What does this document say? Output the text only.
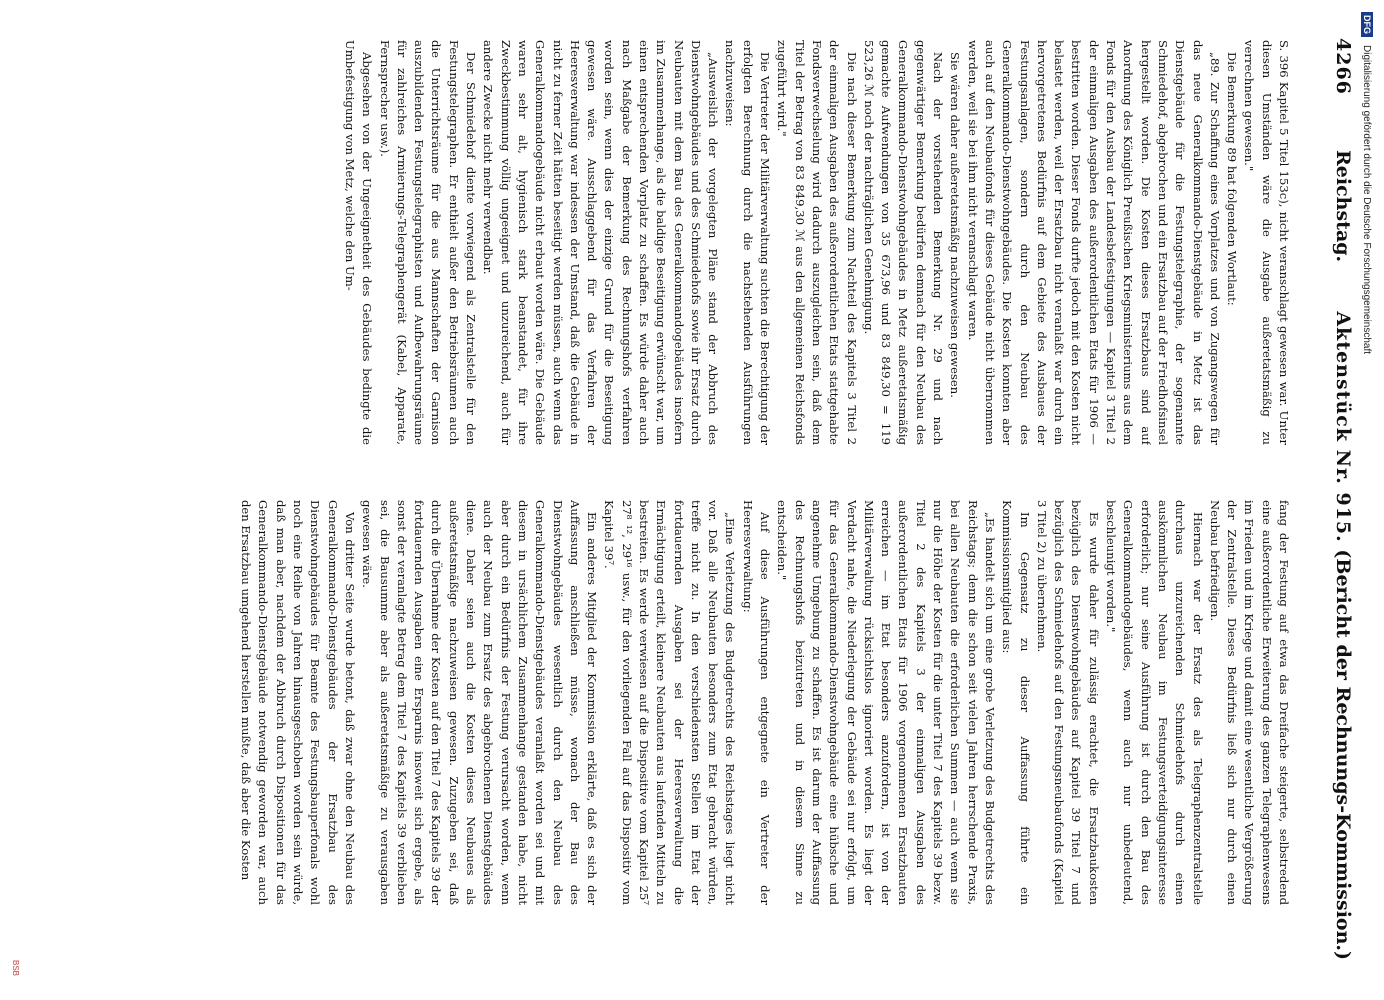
4266
Reichstag.
Aktenstück Nr. 915. (Bericht der Rechnungs-Kommission.)

S. 396 Kapitel 5 Titel 153c), nicht veranschlagt gewesen war. Unter diesen Umständen wäre die Ausgabe außeretatsmäßig zu verrechnen gewesen."

Die Bemerkung 89 hat folgenden Wortlaut:

„89. Zur Schaffung eines Vorplatzes und von Zugangswegen für das neue Generalkommando-Dienstgebäude in Metz ist das Dienstgebäude für die Festungstelegraphie, der sogenannte Schmiedehof, abgebrochen und ein Ersatzbau auf der Friedhofsinsel hergestellt worden. Die Kosten dieses Ersatzbaus sind auf Anordnung des Königlich Preußischen Kriegsministeriums aus dem Fonds für den Ausbau der Landesbefestigungen — Kapitel 3 Titel 2 der einmaligen Ausgaben des außerordentlichen Etats für 1906 — bestritten worden. Dieser Fonds durfte jedoch mit den Kosten nicht belastet werden, weil der Ersatzbau nicht veranlaßt war durch ein hervorgetretenes Bedürfnis auf dem Gebiete des Ausbaues der Festungsanlagen, sondern durch den Neubau des Generalkommando-Dienstwohngebäudes. Die Kosten konnten aber auch auf den Neubaufonds für dieses Gebäude nicht übernommen werden, weil sie bei ihm nicht veranschlagt waren.

Sie wären daher außeretatsmäßig nachzuweisen gewesen.

Nach der vorstehenden Bemerkung Nr. 29 und nach gegenwärtiger Bemerkung bedürfen demnach für den Neubau des Generalkommando-Dienstwohngebäudes in Metz außeretatsmäßig gemachte Aufwendungen von 35 673,96 und 83 849,30 = 119 523,26 ℳ noch der nachträglichen Genehmigung.

Die nach dieser Bemerkung zum Nachteil des Kapitels 3 Titel 2 der einmaligen Ausgaben des außerordentlichen Etats stattgehabte Fondsverwechselung wird dadurch auszugleichen sein, daß dem Titel der Betrag von 83 849,30 ℳ aus den allgemeinen Reichsfonds zugeführt wird."

Die Vertreter der Militärverwaltung suchten die Berechtigung der erfolgten Berechnung durch die nachstehenden Ausführungen nachzuweisen:

„Ausweislich der vorgelegten Pläne stand der Abbruch des Dienstwohngebäudes und des Schmiedehofs sowie ihr Ersatz durch Neubauten mit dem Bau des Generalkommandogebäudes insofern im Zusammenhange, als die baldige Beseitigung erwünscht war, um einen entsprechenden Vorplatz zu schaffen. Es würde daher auch nach Maßgabe der Bemerkung des Rechnungshofs verfahren worden sein, wenn dies der einzige Grund für die Beseitigung gewesen wäre. Ausschlaggebend für das Verfahren der Heeresverwaltung war indessen der Umstand, daß die Gebäude in nicht zu ferner Zeit hätten beseitigt werden müssen, auch wenn das Generalkommandogebäude nicht erbaut worden wäre. Die Gebäude waren sehr alt, hygienisch stark beanstandet, für ihre Zweckbestimmung völlig ungeeignet und unzureichend, auch für andere Zwecke nicht mehr verwendbar.

Der Schmiedehof diente vorwiegend als Zentralstelle für den Festungstelegraphen. Er enthielt außer den Betriebsräumen auch die Unterrichtsräume für die aus Mannschaften der Garnison auszubildenden Festungstelegraphisten und Aufbewahrungsräume für zahlreiches Armierungs-Telegraphengerät (Kabel, Apparate, Fernsprecher usw.).

Abgesehen von der Ungeeignetheit des Gebäudes bedingte die Umbefestigung von Metz, welche den Um-

fang der Festung auf etwa das Dreifache steigerte, selbstredend eine außerordentliche Erweiterung des ganzen Telegraphenwesens im Frieden und im Kriege und damit eine wesentliche Vergrößerung der Zentralstelle. Dieses Bedürfnis ließ sich nur durch einen Neubau befriedigen.

Hiernach war der Ersatz des als Telegraphenzentralstelle durchaus unzureichenden Schmiedehofs durch einen auskömmlichen Neubau im Festungsverteidigungsinteresse erforderlich; nur seine Ausführung ist durch den Bau des Generalkommandogebäudes, wenn auch nur unbedeutend, beschleunigt worden."

Es wurde daher für zulässig erachtet, die Ersatzbaukosten bezüglich des Dienstwohngebäudes auf Kapitel 39 Titel 7 und bezüglich des Schmiedehofs auf den Festungsneubaufonds (Kapitel 3 Titel 2) zu übernehmen.

Im Gegensatz zu dieser Auffassung führte ein Kommissionsmitglied aus:

„Es handelt sich um eine grobe Verletzung des Budgetrechts des Reichstags; denn die schon seit vielen Jahren herrschende Praxis, bei allen Neubauten die erforderlichen Summen — auch wenn sie nur die Höhe der Kosten für die unter Titel 7 des Kapitels 39 bezw. Titel 2 des Kapitels 3 der einmaligen Ausgaben des außerordentlichen Etats für 1906 vorgenommenen Ersatzbauten erreichen — im Etat besonders anzufordern, ist von der Militärverwaltung rücksichtslos ignoriert worden. Es liegt der Verdacht nahe, die Niederlegung der Gebäude sei nur erfolgt, um für das Generalkommando-Dienstwohngebäude eine hübsche und angenehme Umgebung zu schaffen. Es ist darum der Auffassung des Rechnungshofs beizutreten und in diesem Sinne zu entscheiden."

Auf diese Ausführungen entgegnete ein Vertreter der Heeresverwaltung:

„Eine Verletzung des Budgetrechts des Reichstages liegt nicht vor. Daß alle Neubauten besonders zum Etat gebracht würden, treffe nicht zu. In den verschiedensten Stellen im Etat der fortdauernden Ausgaben sei der Heeresverwaltung die Ermächtigung erteilt, kleinere Neubauten aus laufenden Mitteln zu bestreiten. Es werde verwiesen auf die Dispositive vom Kapitel 25⁷ 27⁸ ¹², 29¹⁶ usw., für den vorliegenden Fall auf das Dispositiv vom Kapitel 39⁷.

Ein anderes Mitglied der Kommission erklärte, daß es sich der Auffassung anschließen müsse, wonach der Bau des Dienstwohngebäudes wesentlich durch den Neubau des Generalkommando-Dienstgebäudes veranlaßt worden sei und mit diesem in ursächlichem Zusammenhange gestanden habe, nicht aber durch ein Bedürfnis der Festung verursacht worden, wenn auch der Neubau zum Ersatz des abgebrochenen Dienstgebäudes diene. Daher seien auch die Kosten dieses Neubaues als außeretatsmäßige nachzuweisen gewesen. Zuzugeben sei, daß durch die Übernahme der Kosten auf den Titel 7 des Kapitels 39 der fortdauernden Ausgaben eine Ersparnis insoweit sich ergebe, als sonst der veranlagte Betrag dem Titel 7 des Kapitels 39 verblieben sei, die Bausumme aber als außeretatsmäßige zu verausgaben gewesen wäre.

Von dritter Seite wurde betont, daß zwar ohne den Neubau des Generalkommando-Dienstgebäudes der Ersatzbau des Dienstwohngebäudes für Beamte des Festungsbauperfonals wohl noch eine Reihe von Jahren hinausgeschoben worden sein würde, daß man aber, nachdem der Abbruch durch Dispositionen für das Generalkommando-Dienstgebäude notwendig geworden war, auch den Ersatzbau umgehend herstellen mußte, daß aber die Kosten

DFG
Digitalisierung gefördert durch die Deutsche Forschungsgemeinschaft
BSB
